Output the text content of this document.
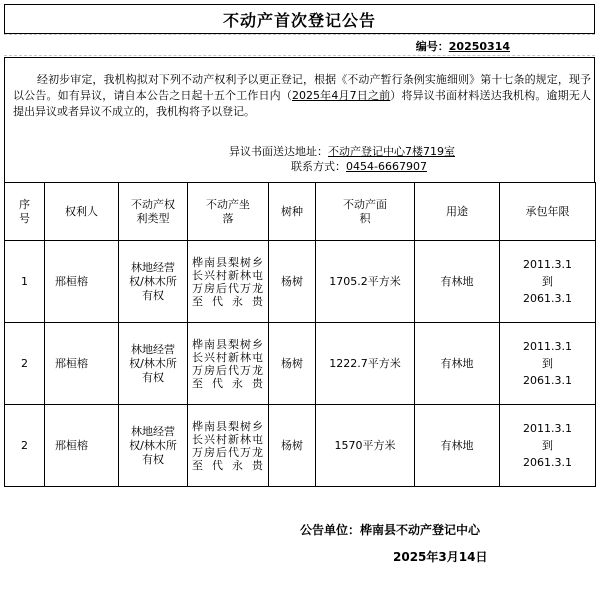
不动产首次登记公告
编号：20250314
经初步审定，我机构拟对下列不动产权利予以更正登记，根据《不动产暂行条例实施细则》第十七条的规定，现予以公告。如有异议，请自本公告之日起十五个工作日内（2025年4月7日之前）将异议书面材料送达我机构。逾期无人提出异议或者异议不成立的，我机构将予以登记。
异议书面送达地址：不动产登记中心7楼719室
联系方式：0454-6667907
序号	权利人	不动产权利类型	不动产坐落	树种	不动产面积	用途	承包年限
1	邢桓榕	林地经营权/林木所有权	桦南县梨树乡长兴村新林屯万房后代万龙至代永贵	杨树	1705.2平方米	有林地	2011.3.1
到
2061.3.1

2	邢桓榕	林地经营权/林木所有权	桦南县梨树乡长兴村新林屯万房后代万龙至代永贵	杨树	1222.7平方米	有林地	2011.3.1
到
2061.3.1

2	邢桓榕	林地经营权/林木所有权	桦南县梨树乡长兴村新林屯万房后代万龙至代永贵	杨树	1570平方米	有林地	2011.3.1
到
2061.3.1
公告单位：桦南县不动产登记中心
2025年3月14日
